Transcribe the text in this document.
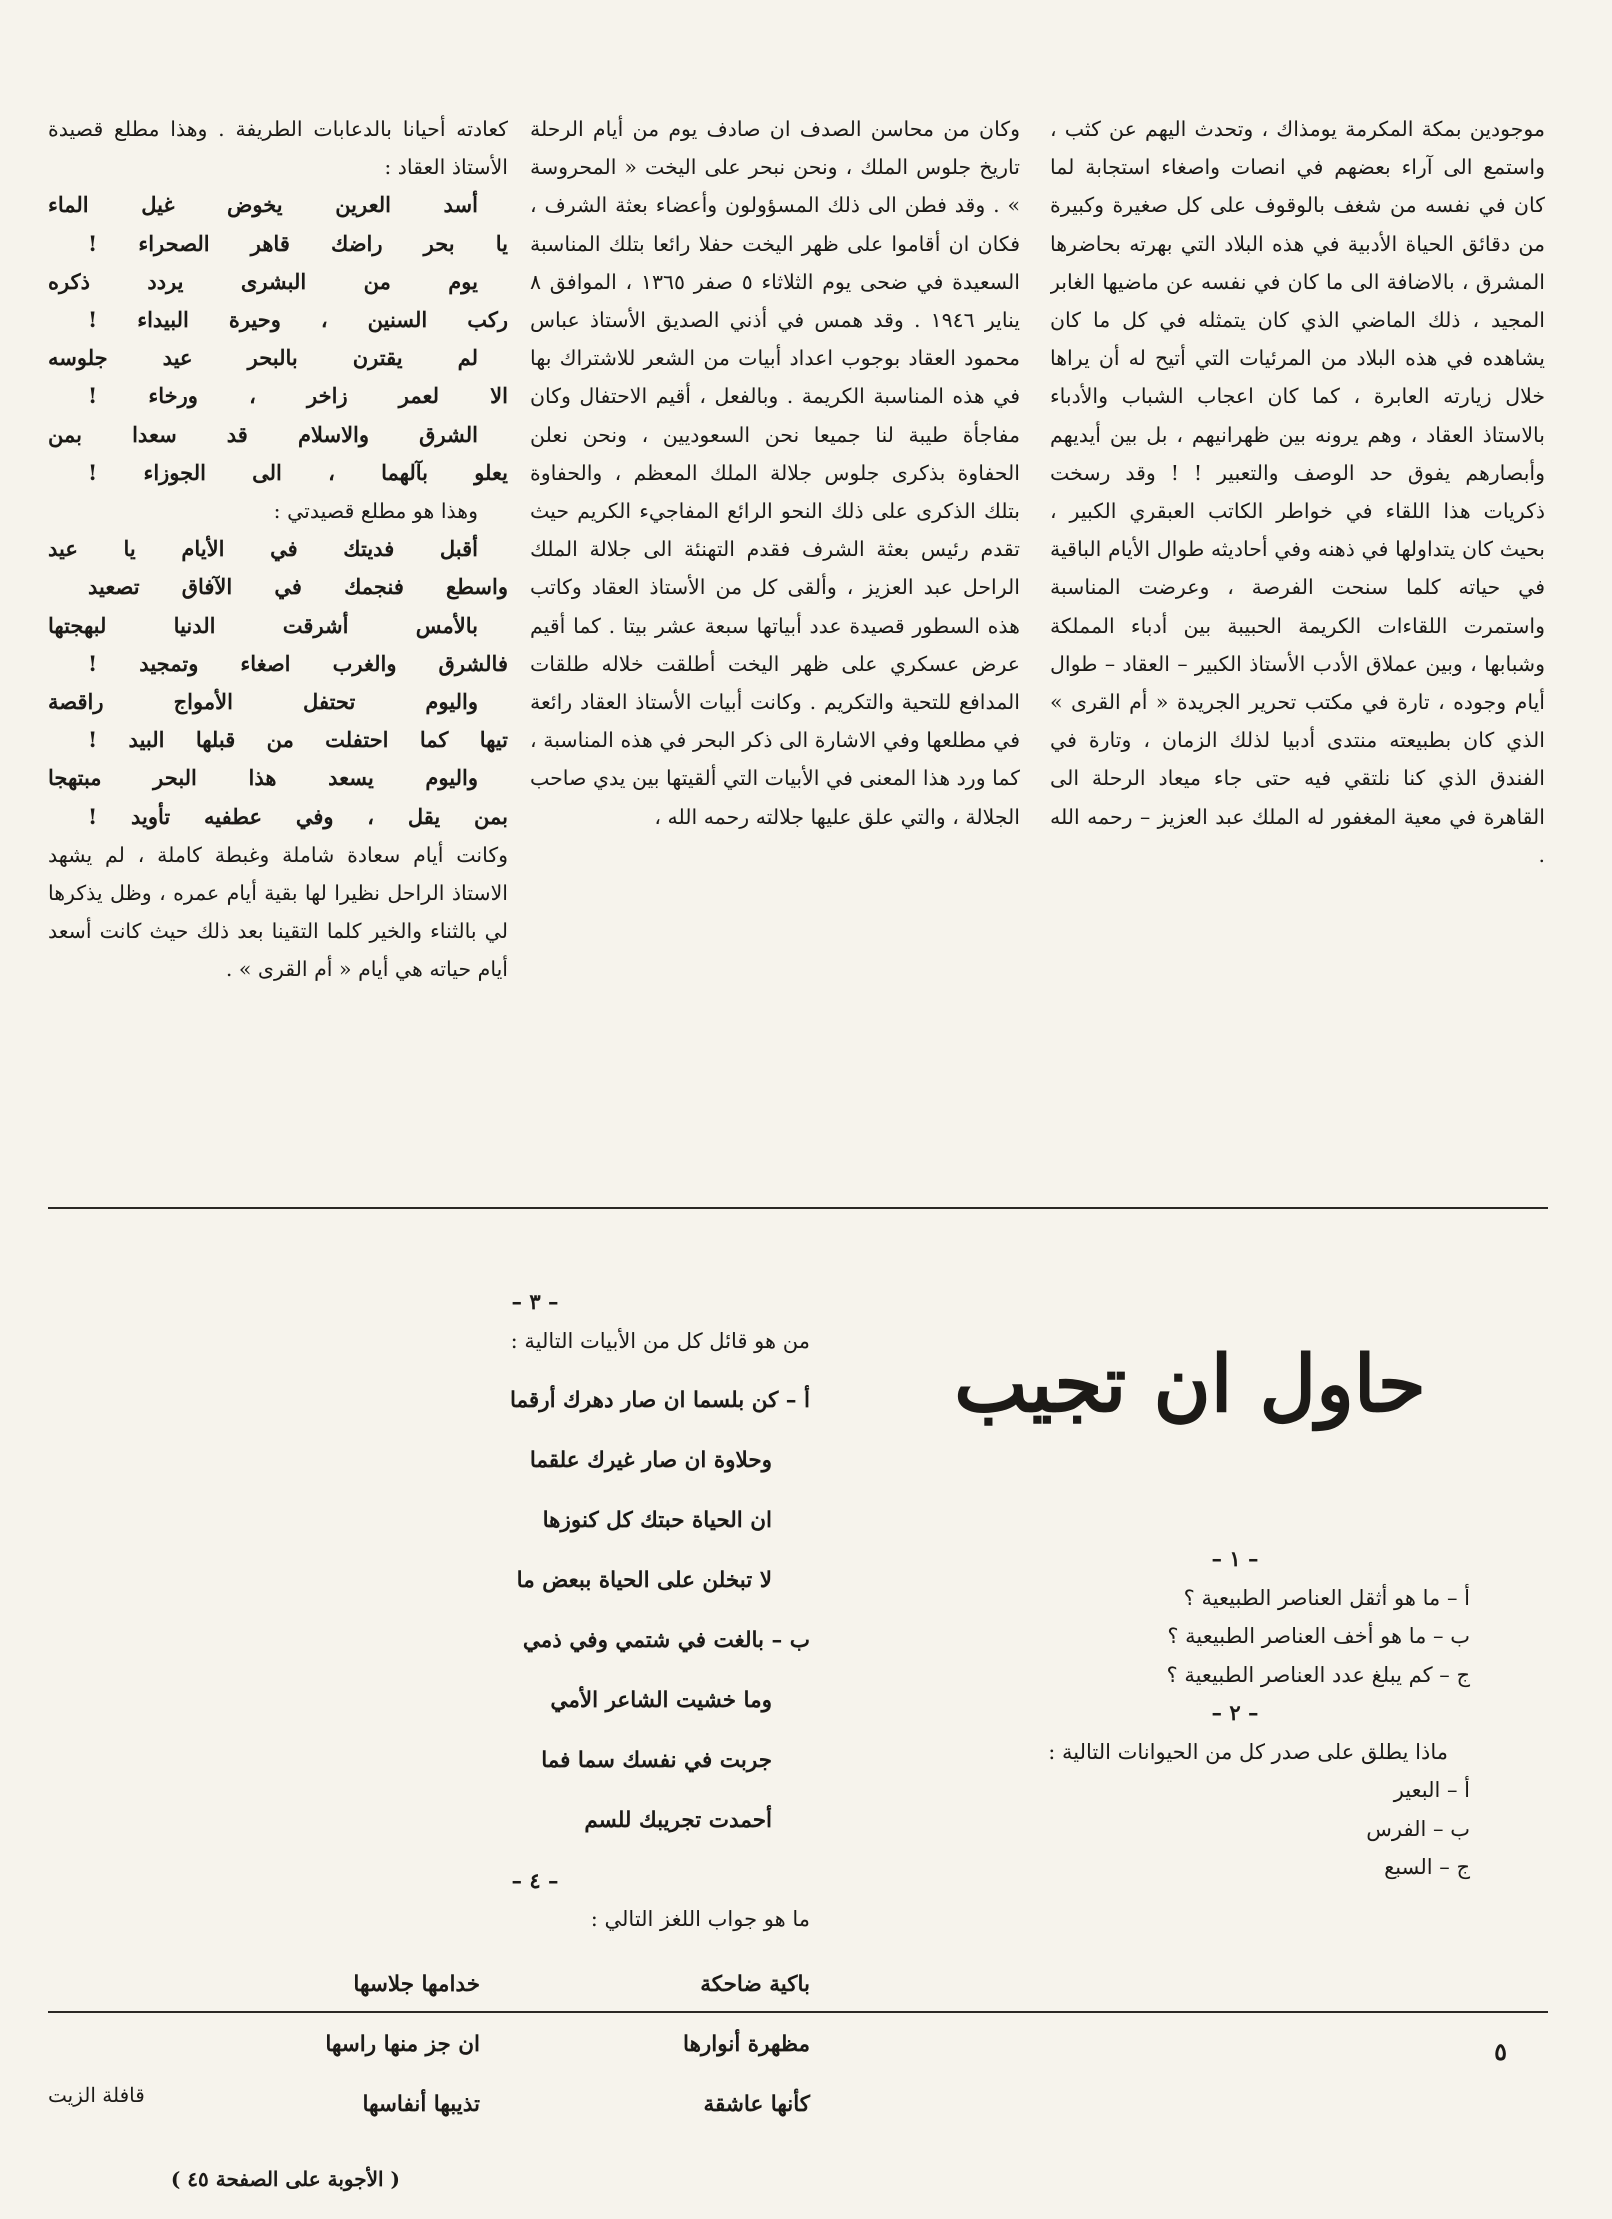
موجودين بمكة المكرمة يومذاك ، وتحدث اليهم عن كثب ، واستمع الى آراء بعضهم في انصات واصغاء استجابة لما كان في نفسه من شغف بالوقوف على كل صغيرة وكبيرة من دقائق الحياة الأدبية في هذه البلاد التي بهرته بحاضرها المشرق ، بالاضافة الى ما كان في نفسه عن ماضيها الغابر المجيد ، ذلك الماضي الذي كان يتمثله في كل ما كان يشاهده في هذه البلاد من المرئيات التي أتيح له أن يراها خلال زيارته العابرة ، كما كان اعجاب الشباب والأدباء بالاستاذ العقاد ، وهم يرونه بين ظهرانيهم ، بل بين أيديهم وأبصارهم يفوق حد الوصف والتعبير ! ! وقد رسخت ذكريات هذا اللقاء في خواطر الكاتب العبقري الكبير ، بحيث كان يتداولها في ذهنه وفي أحاديثه طوال الأيام الباقية في حياته كلما سنحت الفرصة ، وعرضت المناسبة واستمرت اللقاءات الكريمة الحبيبة بين أدباء المملكة وشبابها ، وبين عملاق الأدب الأستاذ الكبير – العقاد – طوال أيام وجوده ، تارة في مكتب تحرير الجريدة « أم القرى » الذي كان بطبيعته منتدى أدبيا لذلك الزمان ، وتارة في الفندق الذي كنا نلتقي فيه حتى جاء ميعاد الرحلة الى القاهرة في معية المغفور له الملك عبد العزيز – رحمه الله .

وكان من محاسن الصدف ان صادف يوم من أيام الرحلة تاريخ جلوس الملك ، ونحن نبحر على اليخت « المحروسة » . وقد فطن الى ذلك المسؤولون وأعضاء بعثة الشرف ، فكان ان أقاموا على ظهر اليخت حفلا رائعا بتلك المناسبة السعيدة في ضحى يوم الثلاثاء ٥ صفر ١٣٦٥ ، الموافق ٨ يناير ١٩٤٦ . وقد همس في أذني الصديق الأستاذ عباس محمود العقاد بوجوب اعداد أبيات من الشعر للاشتراك بها في هذه المناسبة الكريمة . وبالفعل ، أقيم الاحتفال وكان مفاجأة طيبة لنا جميعا نحن السعوديين ، ونحن نعلن الحفاوة بذكرى جلوس جلالة الملك المعظم ، والحفاوة بتلك الذكرى على ذلك النحو الرائع المفاجيء الكريم حيث تقدم رئيس بعثة الشرف فقدم التهنئة الى جلالة الملك الراحل عبد العزيز ، وألقى كل من الأستاذ العقاد وكاتب هذه السطور قصيدة عدد أبياتها سبعة عشر بيتا . كما أقيم عرض عسكري على ظهر اليخت أطلقت خلاله طلقات المدافع للتحية والتكريم . وكانت أبيات الأستاذ العقاد رائعة في مطلعها وفي الاشارة الى ذكر البحر في هذه المناسبة ، كما ورد هذا المعنى في الأبيات التي ألقيتها بين يدي صاحب الجلالة ، والتي علق عليها جلالته رحمه الله ،

كعادته أحيانا بالدعابات الطريفة . وهذا مطلع قصيدة الأستاذ العقاد :

أسد العرين يخوض غيل الماء
يا بحر راضك قاهر الصحراء !
يوم من البشرى يردد ذكره
ركب السنين ، وحيرة البيداء !
لم يقترن بالبحر عيد جلوسه
الا لعمر زاخر ، ورخاء !
الشرق والاسلام قد سعدا بمن
يعلو بآلهما ، الى الجوزاء !

وهذا هو مطلع قصيدتي :

أقبل فديتك في الأيام يا عيد
واسطع فنجمك في الآفاق تصعيد
بالأمس أشرقت الدنيا لبهجتها
فالشرق والغرب اصغاء وتمجيد !
واليوم تحتفل الأمواج راقصة
تيها كما احتفلت من قبلها البيد !
واليوم يسعد هذا البحر مبتهجا
بمن يقل ، وفي عطفيه تأويد !

وكانت أيام سعادة شاملة وغبطة كاملة ، لم يشهد الاستاذ الراحل نظيرا لها بقية أيام عمره ، وظل يذكرها لي بالثناء والخير كلما التقينا بعد ذلك حيث كانت أسعد أيام حياته هي أيام « أم القرى » .

حاول ان تجيب
– ١ –

أ – ما هو أثقل العناصر الطبيعية ؟

ب – ما هو أخف العناصر الطبيعية ؟

ج – كم يبلغ عدد العناصر الطبيعية ؟

– ٢ –

ماذا يطلق على صدر كل من الحيوانات التالية :

أ – البعير

ب – الفرس

ج – السبع

– ٣ –

من هو قائل كل من الأبيات التالية :

أ – كن بلسما ان صار دهرك أرقما

وحلاوة ان صار غيرك علقما

ان الحياة حبتك كل كنوزها

لا تبخلن على الحياة ببعض ما

ب – بالغت في شتمي وفي ذمي

وما خشيت الشاعر الأمي

جربت في نفسك سما فما

أحمدت تجريبك للسم

– ٤ –

ما هو جواب اللغز التالي :

باكية ضاحكة

مظهرة أنوارها

كأنها عاشقة

خدامها جلاسها

ان جز منها راسها

تذيبها أنفاسها

( الأجوبة على الصفحة ٤٥ )

٥
قافلة الزيت
